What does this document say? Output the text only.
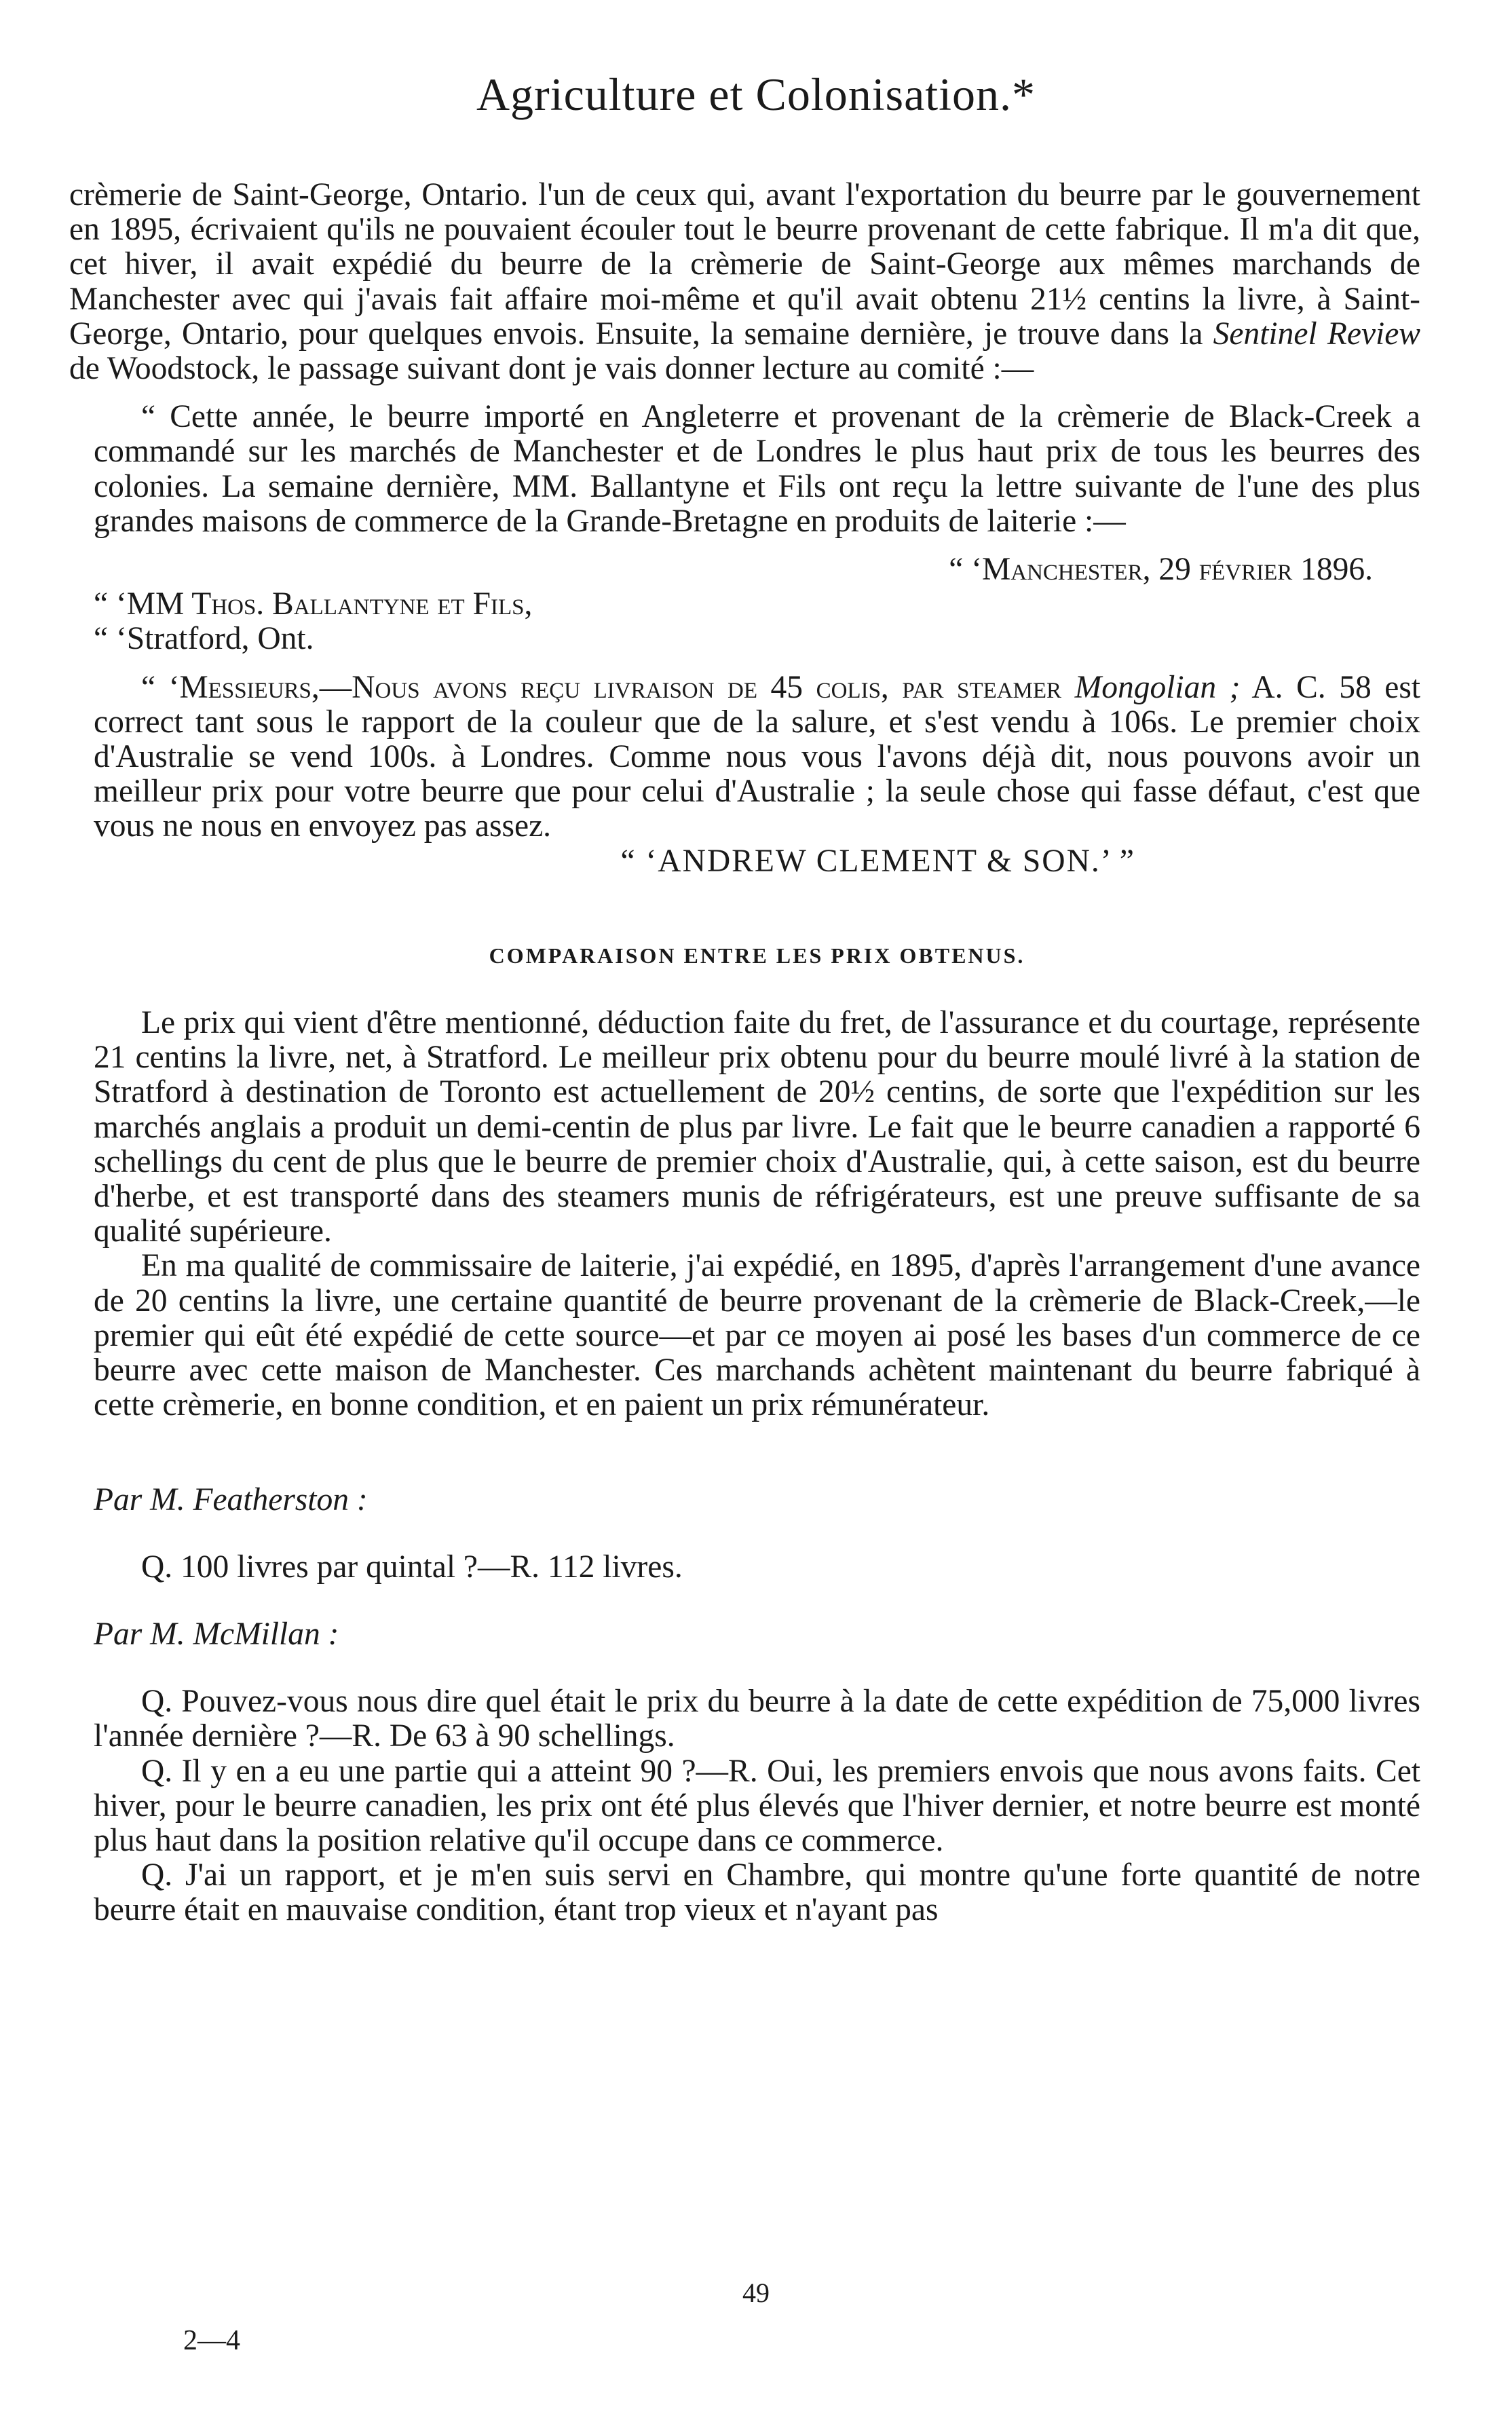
Agriculture et Colonisation.*

crèmerie de Saint-George, Ontario. l'un de ceux qui, avant l'exportation du beurre par le gouvernement en 1895, écrivaient qu'ils ne pouvaient écouler tout le beurre provenant de cette fabrique. Il m'a dit que, cet hiver, il avait expédié du beurre de la crèmerie de Saint-George aux mêmes marchands de Manchester avec qui j'avais fait affaire moi-même et qu'il avait obtenu 21½ centins la livre, à Saint-George, Ontario, pour quelques envois. Ensuite, la semaine dernière, je trouve dans la Sentinel Review de Woodstock, le passage suivant dont je vais donner lecture au comité :—

“ Cette année, le beurre importé en Angleterre et provenant de la crèmerie de Black-Creek a commandé sur les marchés de Manchester et de Londres le plus haut prix de tous les beurres des colonies. La semaine dernière, MM. Ballantyne et Fils ont reçu la lettre suivante de l'une des plus grandes maisons de commerce de la Grande-Bretagne en produits de laiterie :—

“ ‘Manchester, 29 février 1896.

“ ‘MM Thos. Ballantyne et Fils,

“ ‘Stratford, Ont.

“ ‘Messieurs,—Nous avons reçu livraison de 45 colis, par steamer Mongolian ; A. C. 58 est correct tant sous le rapport de la couleur que de la salure, et s'est vendu à 106s. Le premier choix d'Australie se vend 100s. à Londres. Comme nous vous l'avons déjà dit, nous pouvons avoir un meilleur prix pour votre beurre que pour celui d'Australie ; la seule chose qui fasse défaut, c'est que vous ne nous en envoyez pas assez.

“ ‘ANDREW CLEMENT & SON.’ ”

COMPARAISON ENTRE LES PRIX OBTENUS.

Le prix qui vient d'être mentionné, déduction faite du fret, de l'assurance et du courtage, représente 21 centins la livre, net, à Stratford. Le meilleur prix obtenu pour du beurre moulé livré à la station de Stratford à destination de Toronto est actuellement de 20½ centins, de sorte que l'expédition sur les marchés anglais a produit un demi-centin de plus par livre. Le fait que le beurre canadien a rapporté 6 schellings du cent de plus que le beurre de premier choix d'Australie, qui, à cette saison, est du beurre d'herbe, et est transporté dans des steamers munis de réfrigérateurs, est une preuve suffisante de sa qualité supérieure.

En ma qualité de commissaire de laiterie, j'ai expédié, en 1895, d'après l'arrangement d'une avance de 20 centins la livre, une certaine quantité de beurre provenant de la crèmerie de Black-Creek,—le premier qui eût été expédié de cette source—et par ce moyen ai posé les bases d'un commerce de ce beurre avec cette maison de Manchester. Ces marchands achètent maintenant du beurre fabriqué à cette crèmerie, en bonne condition, et en paient un prix rémunérateur.

Par M. Featherston :

Q. 100 livres par quintal ?—R. 112 livres.

Par M. McMillan :

Q. Pouvez-vous nous dire quel était le prix du beurre à la date de cette expédition de 75,000 livres l'année dernière ?—R. De 63 à 90 schellings.

Q. Il y en a eu une partie qui a atteint 90 ?—R. Oui, les premiers envois que nous avons faits. Cet hiver, pour le beurre canadien, les prix ont été plus élevés que l'hiver dernier, et notre beurre est monté plus haut dans la position relative qu'il occupe dans ce commerce.

Q. J'ai un rapport, et je m'en suis servi en Chambre, qui montre qu'une forte quantité de notre beurre était en mauvaise condition, étant trop vieux et n'ayant pas

49
2—4
